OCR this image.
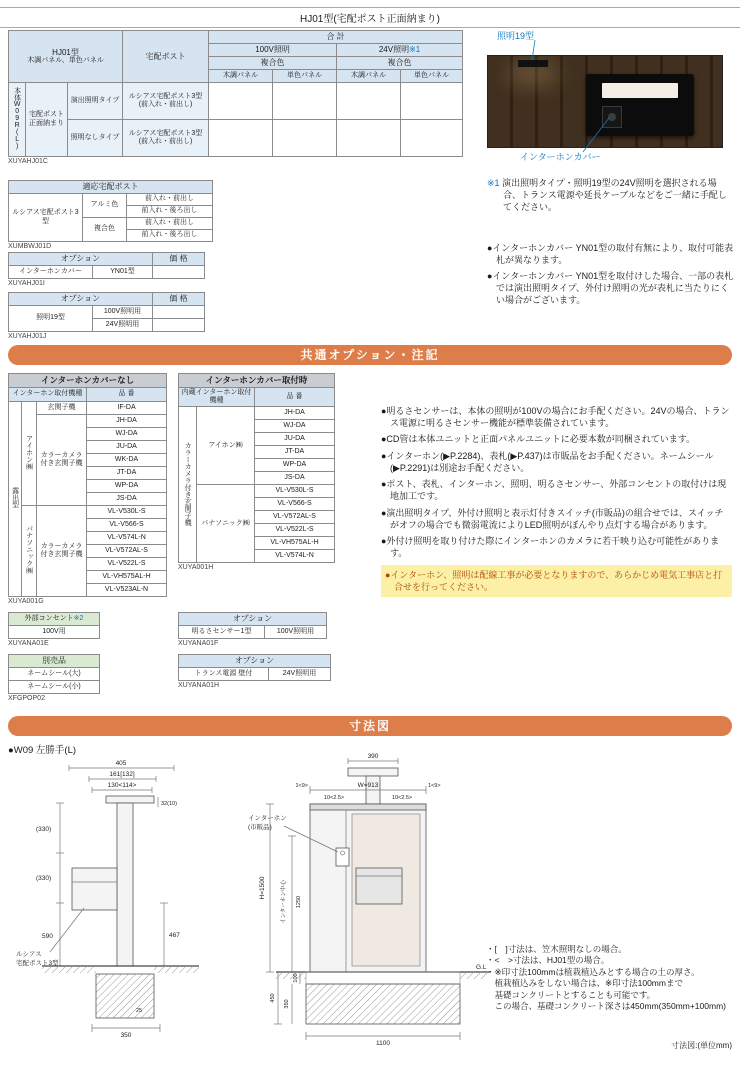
HJ01型(宅配ポスト正面納まり)
HJ01型
木調パネル、単色パネル			宅配ポスト	合 計			
				100V照明		24V照明※1	
				複合色		複合色	
				木調パネル	単色パネル	木調パネル	単色パネル
本体W09R(L)	宅配ポスト正面納まり	演出照明タイプ	ルシアス宅配ポスト3型(前入れ・前出し)				
		照明なしタイプ	ルシアス宅配ポスト3型(前入れ・前出し)				
XUYAHJ01C
照明19型
インターホンカバー
※1 演出照明タイプ・照明19型の24V照明を選択される場合、トランス電源や延長ケーブルなどをご一緒に手配してください。
●インターホンカバー YN01型の取付有無により、取付可能表札が異なります。
●インターホンカバー YN01型を取付けした場合、一部の表札では演出照明タイプ、外付け照明の光が表札に当たりにくい場合がございます。
適応宅配ポスト		
ルシアス宅配ポスト3型	アルミ色	前入れ・前出し
		前入れ・後ろ出し
	複合色	前入れ・前出し
		前入れ・後ろ出し
XUMBWJ01D
オプション		価 格
インターホンカバー	YN01型	
XUYAHJ01I
オプション		価 格
照明19型	100V照明用	
	24V照明用	
XUYAHJ01J
共通オプション・注記
インターホンカバーなし			
インターホン取付機種			品 番
露出型	アイホン㈱	玄関子機	IF-DA
		カラーカメラ付き玄関子機	JH-DA
			WJ-DA
			JU-DA
			WK-DA
			JT-DA
			WP-DA
			JS-DA
	パナソニック㈱	カラーカメラ付き玄関子機	VL-V530L-S
			VL-V566-S
			VL-V574L-N
			VL-V572AL-S
			VL-V522L-S
			VL-VH575AL-H
			VL-V523AL-N
XUYA001G
インターホンカバー取付時		
内蔵インターホン取付機種		品 番
カラーカメラ付き玄関子機	アイホン㈱	JH-DA
		WJ-DA
		JU-DA
		JT-DA
		WP-DA
		JS-DA
	パナソニック㈱	VL-V530L-S
		VL-V566-S
		VL-V572AL-S
		VL-V522L-S
		VL-VH575AL-H
		VL-V574L-N
XUYA001H
外部コンセント※2
100V用
XUYANA01E
オプション
明るさセンサー1型	100V照明用
XUYANA01F
別売品
ネームシール(大)
ネームシール(小)
XFGPOP02
オプション
トランス電源 壁付	24V照明用
XUYANA01H
●明るさセンサーは、本体の照明が100Vの場合にお手配ください。24Vの場合、トランス電源に明るさセンサー機能が標準装備されています。
●CD管は本体ユニットと正面パネルユニットに必要本数が同梱されています。
●インターホン(▶P.2284)、表札(▶P.437)は市販品をお手配ください。ネームシール(▶P.2291)は別途お手配ください。
●ポスト、表札、インターホン、照明、明るさセンサー、外部コンセントの取付けは現地加工です。
●演出照明タイプ、外付け照明と表示灯付きスイッチ(市販品)の組合せでは、スイッチがオフの場合でも微弱電流によりLED照明がぼんやり点灯する場合があります。
●外付け照明を取り付けた際にインターホンのカメラに若干映り込む可能性があります。
●インターホン、照明は配線工事が必要となりますので、あらかじめ電気工事店と打合せを行ってください。
寸法図
●W09 左勝手(L)
405
161[132]
130<114>
32(10)
(330)
(330)
590	467
25
350
ルシアス
宅配ポスト3型
390
1<9>	W=913	1<9>
10<2.5>	10<2.5>
H=1500	インターホン中心 1250
インターホン
(市販品)
G.L
450
350
100
1100
・[　]寸法は、笠木照明なしの場合。
・<　>寸法は、HJ01型の場合。
・※印寸法100mmは植栽植込みとする場合の土の厚さ。
　植栽植込みをしない場合は、※印寸法100mmまで
　基礎コンクリートとすることも可能です。
　この場合、基礎コンクリート深さは450mm(350mm+100mm)
寸法図:(単位mm)
